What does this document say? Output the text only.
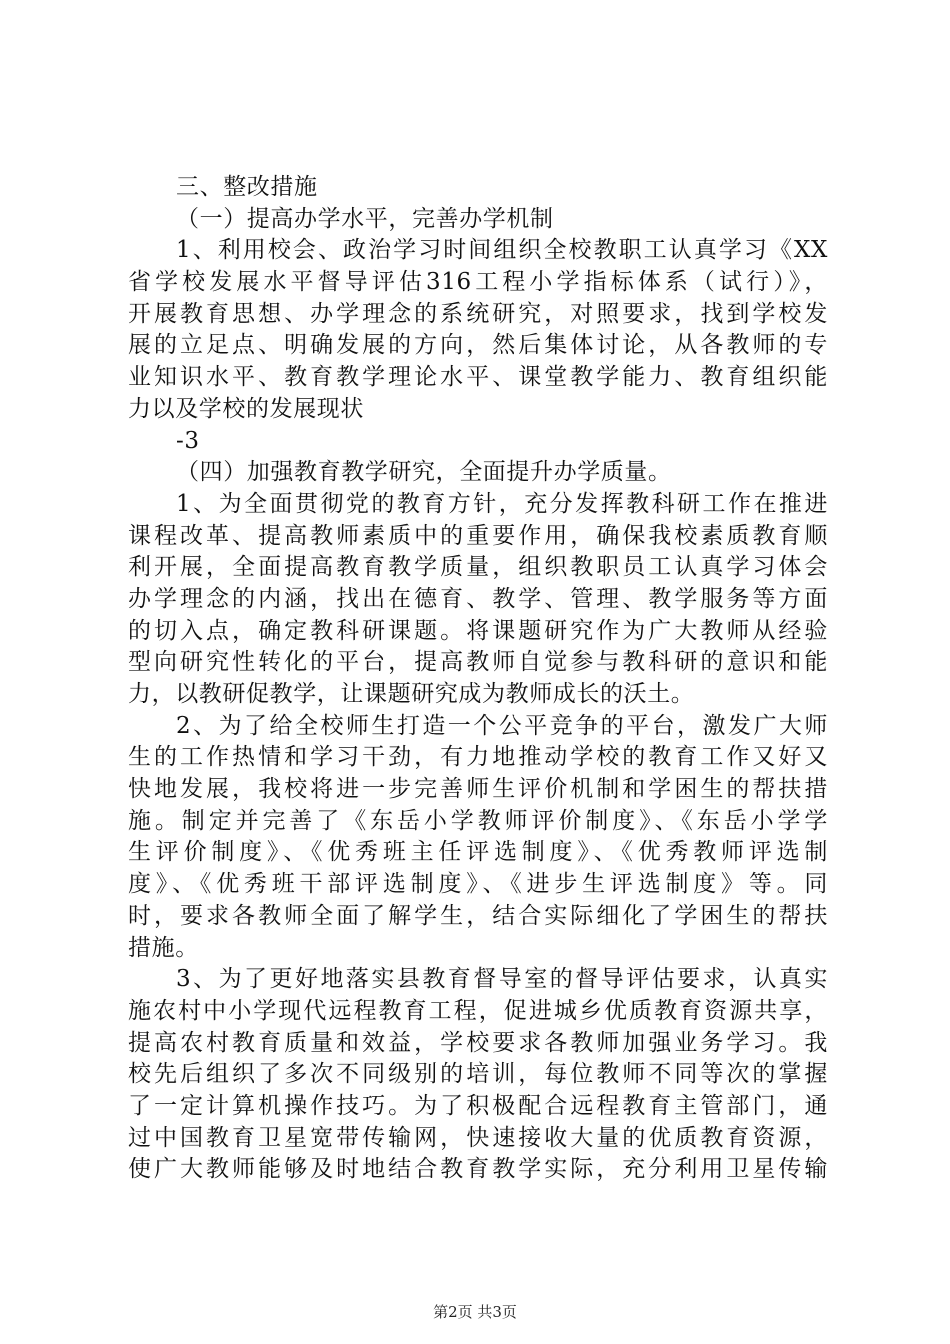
三、整改措施
（一）提高办学水平，完善办学机制
1、利用校会、政治学习时间组织全校教职工认真学习《XX
省学校发展水平督导评估316工程小学指标体系（试行）》，
开展教育思想、办学理念的系统研究，对照要求，找到学校发
展的立足点、明确发展的方向，然后集体讨论，从各教师的专
业知识水平、教育教学理论水平、课堂教学能力、教育组织能
力以及学校的发展现状
-3
（四）加强教育教学研究，全面提升办学质量。
1、为全面贯彻党的教育方针，充分发挥教科研工作在推进
课程改革、提高教师素质中的重要作用，确保我校素质教育顺
利开展，全面提高教育教学质量，组织教职员工认真学习体会
办学理念的内涵，找出在德育、教学、管理、教学服务等方面
的切入点，确定教科研课题。将课题研究作为广大教师从经验
型向研究性转化的平台，提高教师自觉参与教科研的意识和能
力，以教研促教学，让课题研究成为教师成长的沃土。
2、为了给全校师生打造一个公平竞争的平台，激发广大师
生的工作热情和学习干劲，有力地推动学校的教育工作又好又
快地发展，我校将进一步完善师生评价机制和学困生的帮扶措
施。制定并完善了《东岳小学教师评价制度》、《东岳小学学
生评价制度》、《优秀班主任评选制度》、《优秀教师评选制
度》、《优秀班干部评选制度》、《进步生评选制度》等。同
时，要求各教师全面了解学生，结合实际细化了学困生的帮扶
措施。
3、为了更好地落实县教育督导室的督导评估要求，认真实
施农村中小学现代远程教育工程，促进城乡优质教育资源共享，
提高农村教育质量和效益，学校要求各教师加强业务学习。我
校先后组织了多次不同级别的培训，每位教师不同等次的掌握
了一定计算机操作技巧。为了积极配合远程教育主管部门，通
过中国教育卫星宽带传输网，快速接收大量的优质教育资源，
使广大教师能够及时地结合教育教学实际，充分利用卫星传输
第2页 共3页
